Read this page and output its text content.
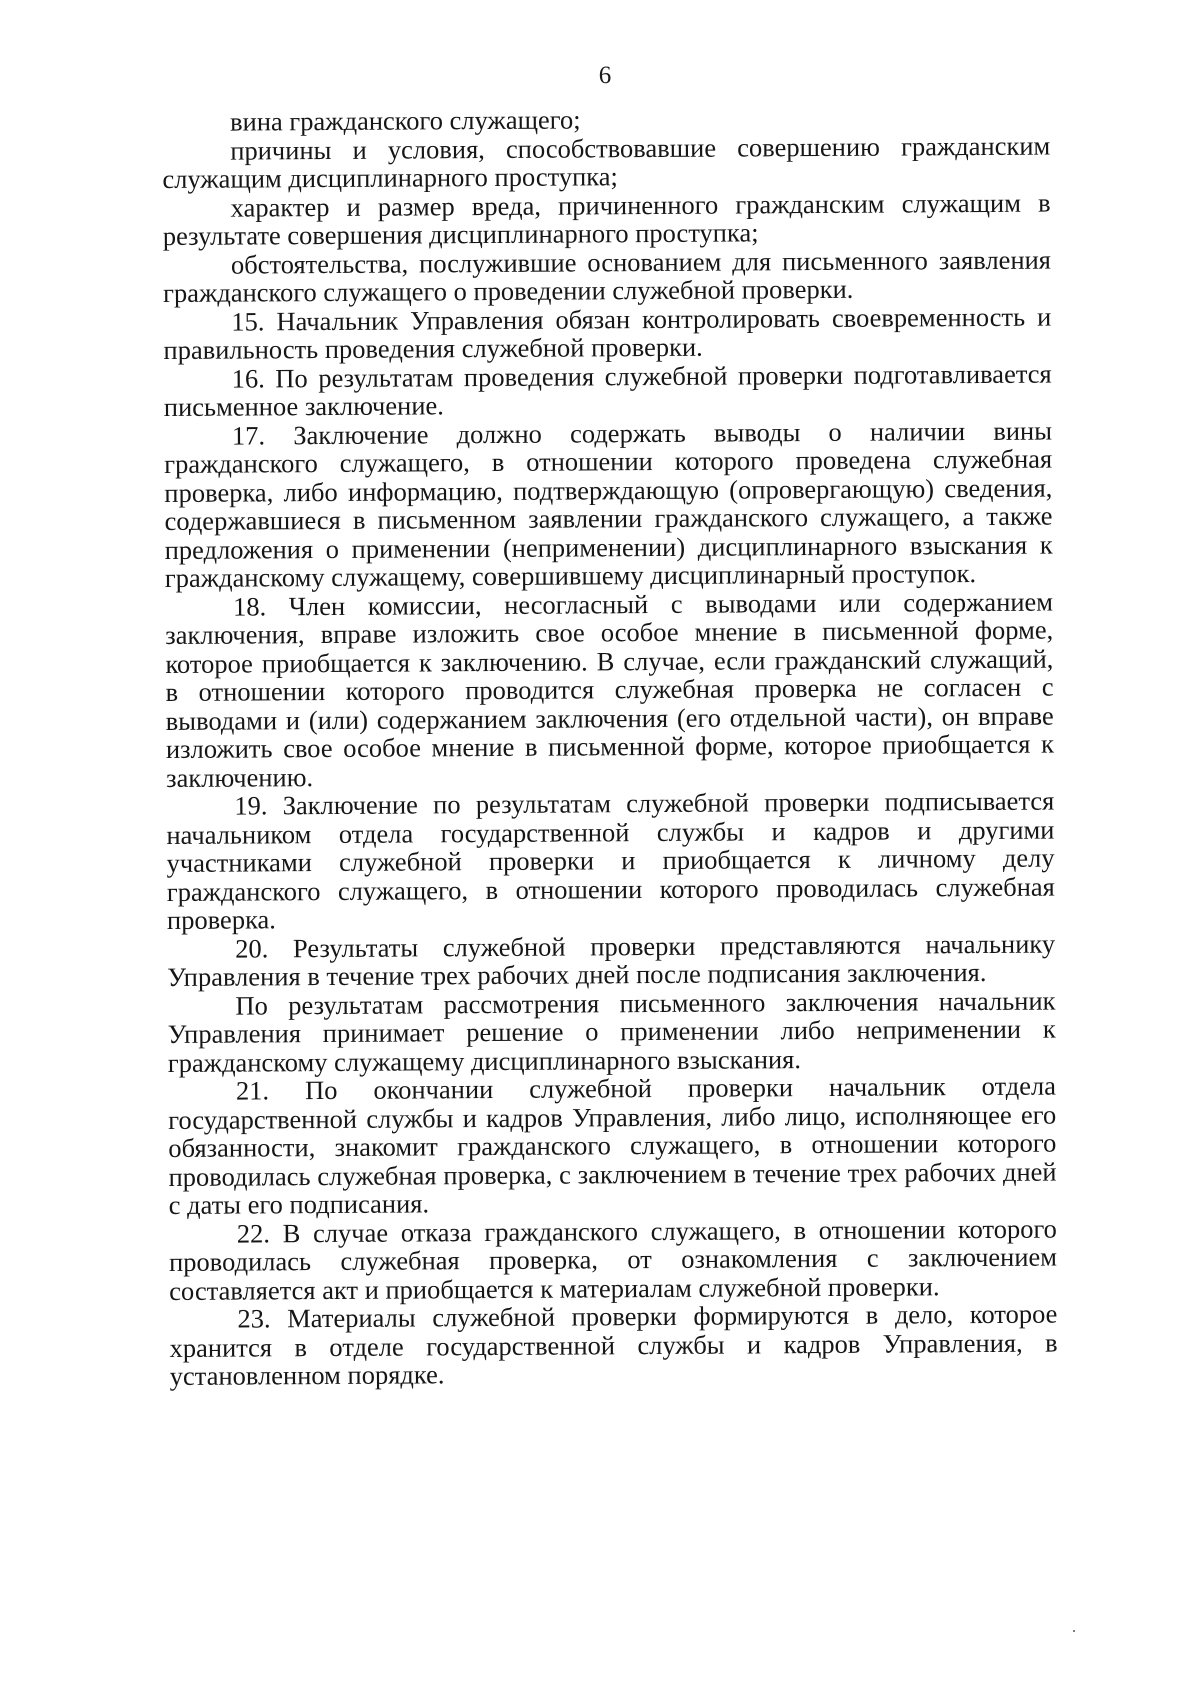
6

вина гражданского служащего;

причины и условия, способствовавшие совершению гражданским служащим дисциплинарного проступка;

характер и размер вреда, причиненного гражданским служащим в результате совершения дисциплинарного проступка;

обстоятельства, послужившие основанием для письменного заявления гражданского служащего о проведении служебной проверки.

15. Начальник Управления обязан контролировать своевременность и правильность проведения служебной проверки.

16. По результатам проведения служебной проверки подготавливается письменное заключение.

17. Заключение должно содержать выводы о наличии вины гражданского служащего, в отношении которого проведена служебная проверка, либо информацию, подтверждающую (опровергающую) сведения, содержавшиеся в письменном заявлении гражданского служащего, а также предложения о применении (неприменении) дисциплинарного взыскания к гражданскому служащему, совершившему дисциплинарный проступок.

18. Член комиссии, несогласный с выводами или содержанием заключения, вправе изложить свое особое мнение в письменной форме, которое приобщается к заключению. В случае, если гражданский служащий, в отношении которого проводится служебная проверка не согласен с выводами и (или) содержанием заключения (его отдельной части), он вправе изложить свое особое мнение в письменной форме, которое приобщается к заключению.

19. Заключение по результатам служебной проверки подписывается начальником отдела государственной службы и кадров и другими участниками служебной проверки и приобщается к личному делу гражданского служащего, в отношении которого проводилась служебная проверка.

20. Результаты служебной проверки представляются начальнику Управления в течение трех рабочих дней после подписания заключения.

По результатам рассмотрения письменного заключения начальник Управления принимает решение о применении либо неприменении к гражданскому служащему дисциплинарного взыскания.

21. По окончании служебной проверки начальник отдела государственной службы и кадров Управления, либо лицо, исполняющее его обязанности, знакомит гражданского служащего, в отношении которого проводилась служебная проверка, с заключением в течение трех рабочих дней с даты его подписания.

22. В случае отказа гражданского служащего, в отношении которого проводилась служебная проверка, от ознакомления с заключением составляется акт и приобщается к материалам служебной проверки.

23. Материалы служебной проверки формируются в дело, которое хранится в отделе государственной службы и кадров Управления, в установленном порядке.
